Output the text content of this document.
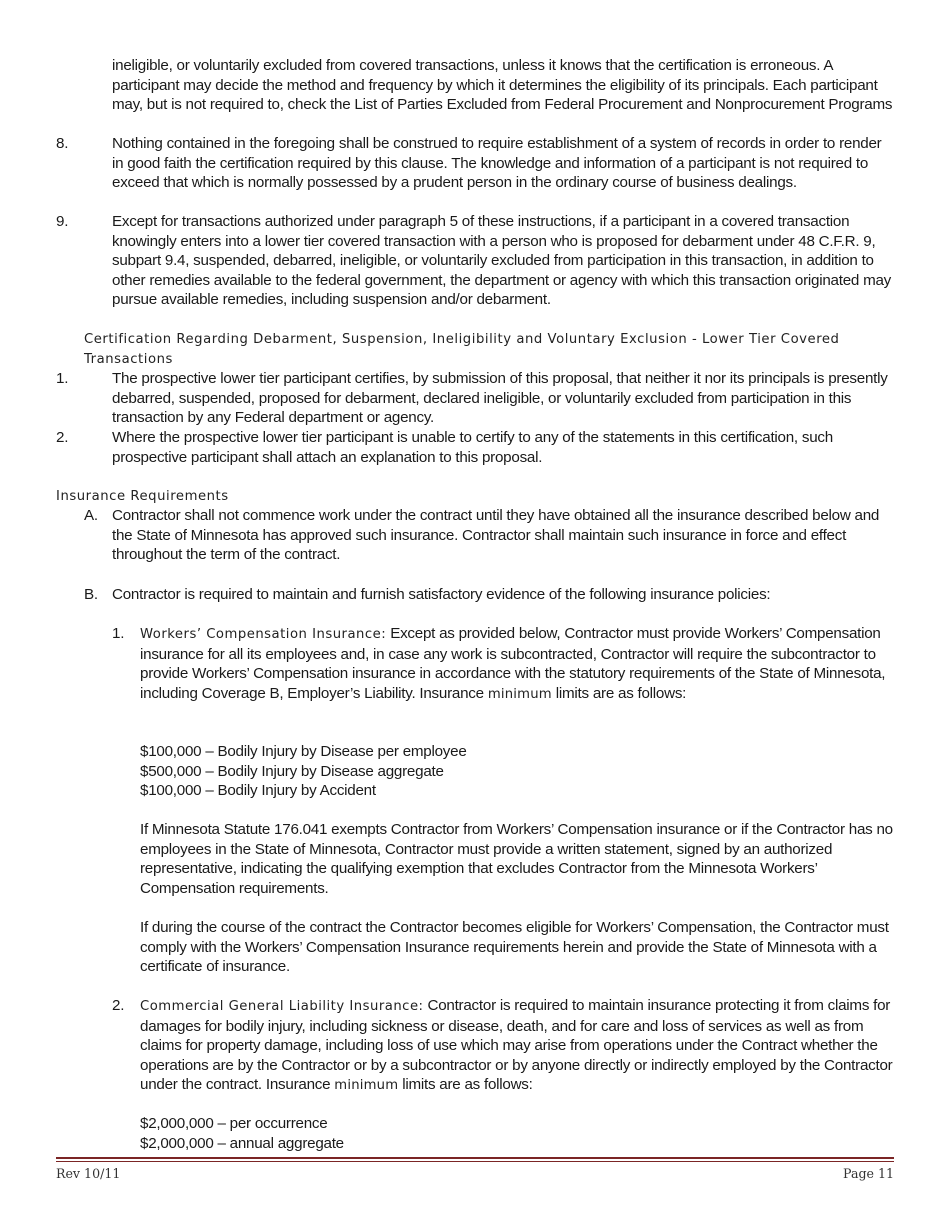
ineligible, or voluntarily excluded from covered transactions, unless it knows that the certification is erroneous. A participant may decide the method and frequency by which it determines the eligibility of its principals. Each participant may, but is not required to, check the List of Parties Excluded from Federal Procurement and Nonprocurement Programs

8.	Nothing contained in the foregoing shall be construed to require establishment of a system of records in order to render in good faith the certification required by this clause. The knowledge and information of a participant is not required to exceed that which is normally possessed by a prudent person in the ordinary course of business dealings.
9.	Except for transactions authorized under paragraph 5 of these instructions, if a participant in a covered transaction knowingly enters into a lower tier covered transaction with a person who is proposed for debarment under 48 C.F.R. 9, subpart 9.4, suspended, debarred, ineligible, or voluntarily excluded from participation in this transaction, in addition to other remedies available to the federal government, the department or agency with which this transaction originated may pursue available remedies, including suspension and/or debarment.
Certification Regarding Debarment, Suspension, Ineligibility and Voluntary Exclusion - Lower Tier Covered Transactions
1.	The prospective lower tier participant certifies, by submission of this proposal, that neither it nor its principals is presently debarred, suspended, proposed for debarment, declared ineligible, or voluntarily excluded from participation in this transaction by any Federal department or agency.
2.	Where the prospective lower tier participant is unable to certify to any of the statements in this certification, such prospective participant shall attach an explanation to this proposal.
Insurance Requirements
A. Contractor shall not commence work under the contract until they have obtained all the insurance described below and the State of Minnesota has approved such insurance. Contractor shall maintain such insurance in force and effect throughout the term of the contract.
B. Contractor is required to maintain and furnish satisfactory evidence of the following insurance policies:
1.	Workers’ Compensation Insurance: Except as provided below, Contractor must provide Workers’ Compensation insurance for all its employees and, in case any work is subcontracted, Contractor will require the subcontractor to provide Workers’ Compensation insurance in accordance with the statutory requirements of the State of Minnesota, including Coverage B, Employer’s Liability. Insurance minimum limits are as follows:
$100,000 – Bodily Injury by Disease per employee
$500,000 – Bodily Injury by Disease aggregate
$100,000 – Bodily Injury by Accident

If Minnesota Statute 176.041 exempts Contractor from Workers’ Compensation insurance or if the Contractor has no employees in the State of Minnesota, Contractor must provide a written statement, signed by an authorized representative, indicating the qualifying exemption that excludes Contractor from the Minnesota Workers’ Compensation requirements.

If during the course of the contract the Contractor becomes eligible for Workers’ Compensation, the Contractor must comply with the Workers’ Compensation Insurance requirements herein and provide the State of Minnesota with a certificate of insurance.

2.	Commercial General Liability Insurance: Contractor is required to maintain insurance protecting it from claims for damages for bodily injury, including sickness or disease, death, and for care and loss of services as well as from claims for property damage, including loss of use which may arise from operations under the Contract whether the operations are by the Contractor or by a subcontractor or by anyone directly or indirectly employed by the Contractor under the contract. Insurance minimum limits are as follows:
$2,000,000 – per occurrence
$2,000,000 – annual aggregate
Rev 10/11	Page 11
